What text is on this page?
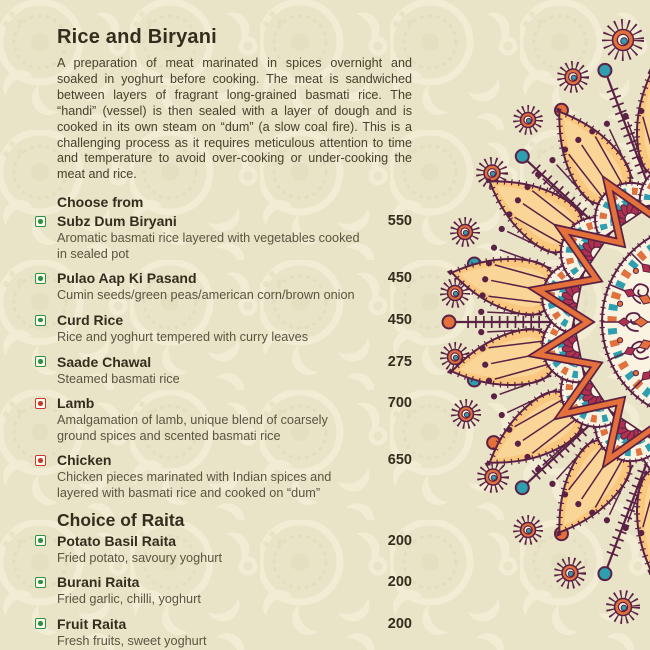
Rice and Biryani

A preparation of meat marinated in spices overnight and soaked in yoghurt before cooking. The meat is sandwiched between layers of fragrant long-grained basmati rice. The “handi” (vessel) is then sealed with a layer of dough and is cooked in its own steam on “dum” (a slow coal fire). This is a challenging process as it requires meticulous attention to time and temperature to avoid over-cooking or under-cooking the meat and rice.

Choose from
Subz Dum Biryani
Aromatic basmati rice layered with vegetables cooked in sealed pot
550
Pulao Aap Ki Pasand
Cumin seeds/green peas/american corn/brown onion
450
Curd Rice
Rice and yoghurt tempered with curry leaves
450
Saade Chawal
Steamed basmati rice
275
Lamb
Amalgamation of lamb, unique blend of coarsely ground spices and scented basmati rice
700
Chicken
Chicken pieces marinated with Indian spices and layered with basmati rice and cooked on “dum”
650
Choice of Raita
Potato Basil Raita
Fried potato, savoury yoghurt
200
Burani Raita
Fried garlic, chilli, yoghurt
200
Fruit Raita
Fresh fruits, sweet yoghurt
200
